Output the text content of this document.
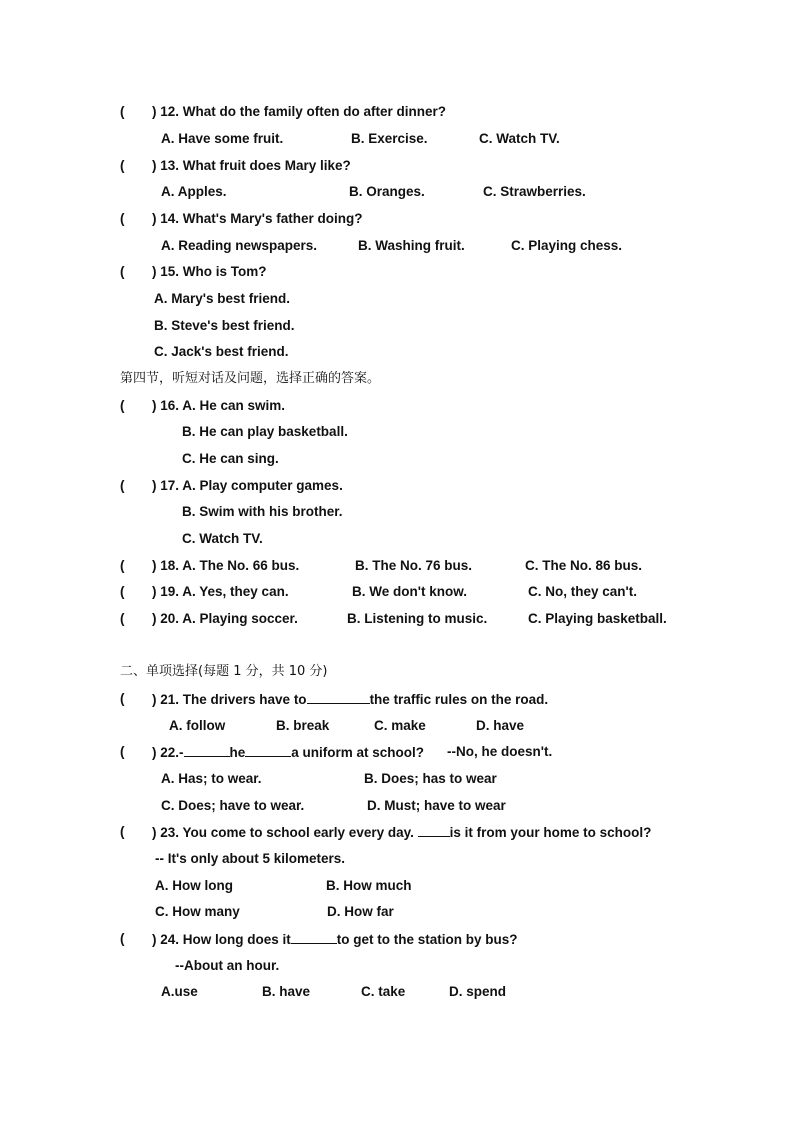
(	) 12. What do the family often do after dinner?
A. Have some fruit.	B. Exercise.	C. Watch TV.
(	) 13. What fruit does Mary like?
A. Apples.	B. Oranges.	C. Strawberries.
(	) 14. What's Mary's father doing?
A. Reading newspapers.	B. Washing fruit.	C. Playing chess.
(	) 15. Who is Tom?
A. Mary's best friend.
B. Steve's best friend.
C. Jack's best friend.
第四节，听短对话及问题，选择正确的答案。
(	) 16. A. He can swim.
B. He can play basketball.
C. He can sing.
(	) 17. A. Play computer games.
B. Swim with his brother.
C. Watch TV.
(	) 18. A. The No. 66 bus.	B. The No. 76 bus.	C. The No. 86 bus.
(	) 19. A. Yes, they can.	B. We don't know.	C. No, they can't.
(	) 20. A. Playing soccer.	B. Listening to music.	C. Playing basketball.
二、单项选择(每题 1 分，共 10 分)
(	) 21. The drivers have to	the traffic rules on the road.
A. follow	B. break	C. make	D. have
(	) 22.-	he	a uniform at school? --No, he doesn't.
A. Has; to wear.	B. Does; has to wear
C. Does; have to wear.	D. Must; have to wear
(	) 23. You come to school early every day.	is it from your home to school?
-- It's only about 5 kilometers.
A. How long	B. How much
C. How many	D. How far
(	) 24. How long does it	to get to the station by bus?
--About an hour.
A.use	B. have	C. take	D. spend
